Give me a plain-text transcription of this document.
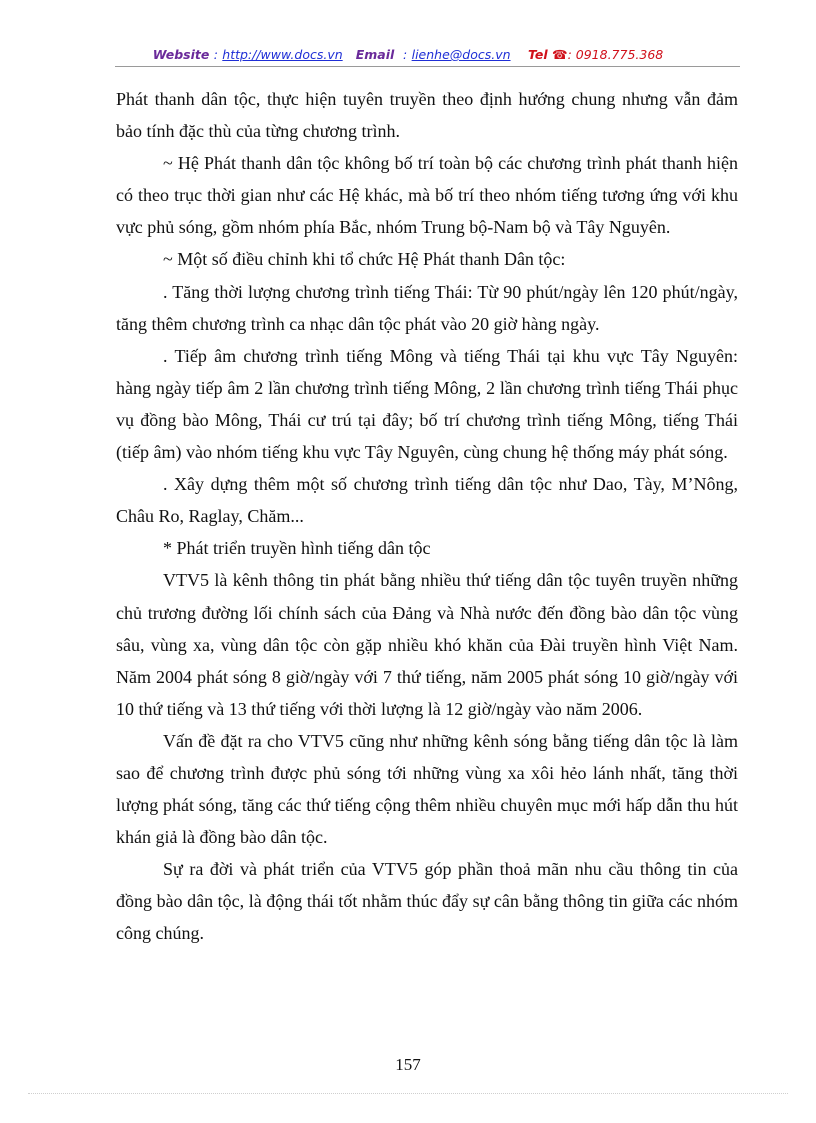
Website : http://www.docs.vn Email : lienhe@docs.vn Tel ☎: 0918.775.368

Phát thanh dân tộc, thực hiện tuyên truyền theo định hướng chung nhưng vẫn đảm bảo tính đặc thù của từng chương trình.

~ Hệ Phát thanh dân tộc không bố trí toàn bộ các chương trình phát thanh hiện có theo trục thời gian như các Hệ khác, mà bố trí theo nhóm tiếng tương ứng với khu vực phủ sóng, gồm nhóm phía Bắc, nhóm Trung bộ-Nam bộ và Tây Nguyên.

~ Một số điều chỉnh khi tổ chức Hệ Phát thanh Dân tộc:

. Tăng thời lượng chương trình tiếng Thái: Từ 90 phút/ngày lên 120 phút/ngày, tăng thêm chương trình ca nhạc dân tộc phát vào 20 giờ hàng ngày.

. Tiếp âm chương trình tiếng Mông và tiếng Thái tại khu vực Tây Nguyên: hàng ngày tiếp âm 2 lần chương trình tiếng Mông, 2 lần chương trình tiếng Thái phục vụ đồng bào Mông, Thái cư trú tại đây; bố trí chương trình tiếng Mông, tiếng Thái (tiếp âm) vào nhóm tiếng khu vực Tây Nguyên, cùng chung hệ thống máy phát sóng.

. Xây dựng thêm một số chương trình tiếng dân tộc như Dao, Tày, M’Nông, Châu Ro, Raglay, Chăm...

* Phát triển truyền hình tiếng dân tộc

VTV5 là kênh thông tin phát bằng nhiều thứ tiếng dân tộc tuyên truyền những chủ trương đường lối chính sách của Đảng và Nhà nước đến đồng bào dân tộc vùng sâu, vùng xa, vùng dân tộc còn gặp nhiều khó khăn của Đài truyền hình Việt Nam. Năm 2004 phát sóng 8 giờ/ngày với 7 thứ tiếng, năm 2005 phát sóng 10 giờ/ngày với 10 thứ tiếng và 13 thứ tiếng với thời lượng là 12 giờ/ngày vào năm 2006.

Vấn đề đặt ra cho VTV5 cũng như những kênh sóng bằng tiếng dân tộc là làm sao để chương trình được phủ sóng tới những vùng xa xôi hẻo lánh nhất, tăng thời lượng phát sóng, tăng các thứ tiếng cộng thêm nhiều chuyên mục mới hấp dẫn thu hút khán giả là đồng bào dân tộc.

Sự ra đời và phát triển của VTV5 góp phần thoả mãn nhu cầu thông tin của đồng bào dân tộc, là động thái tốt nhằm thúc đẩy sự cân bằng thông tin giữa các nhóm công chúng.

157
